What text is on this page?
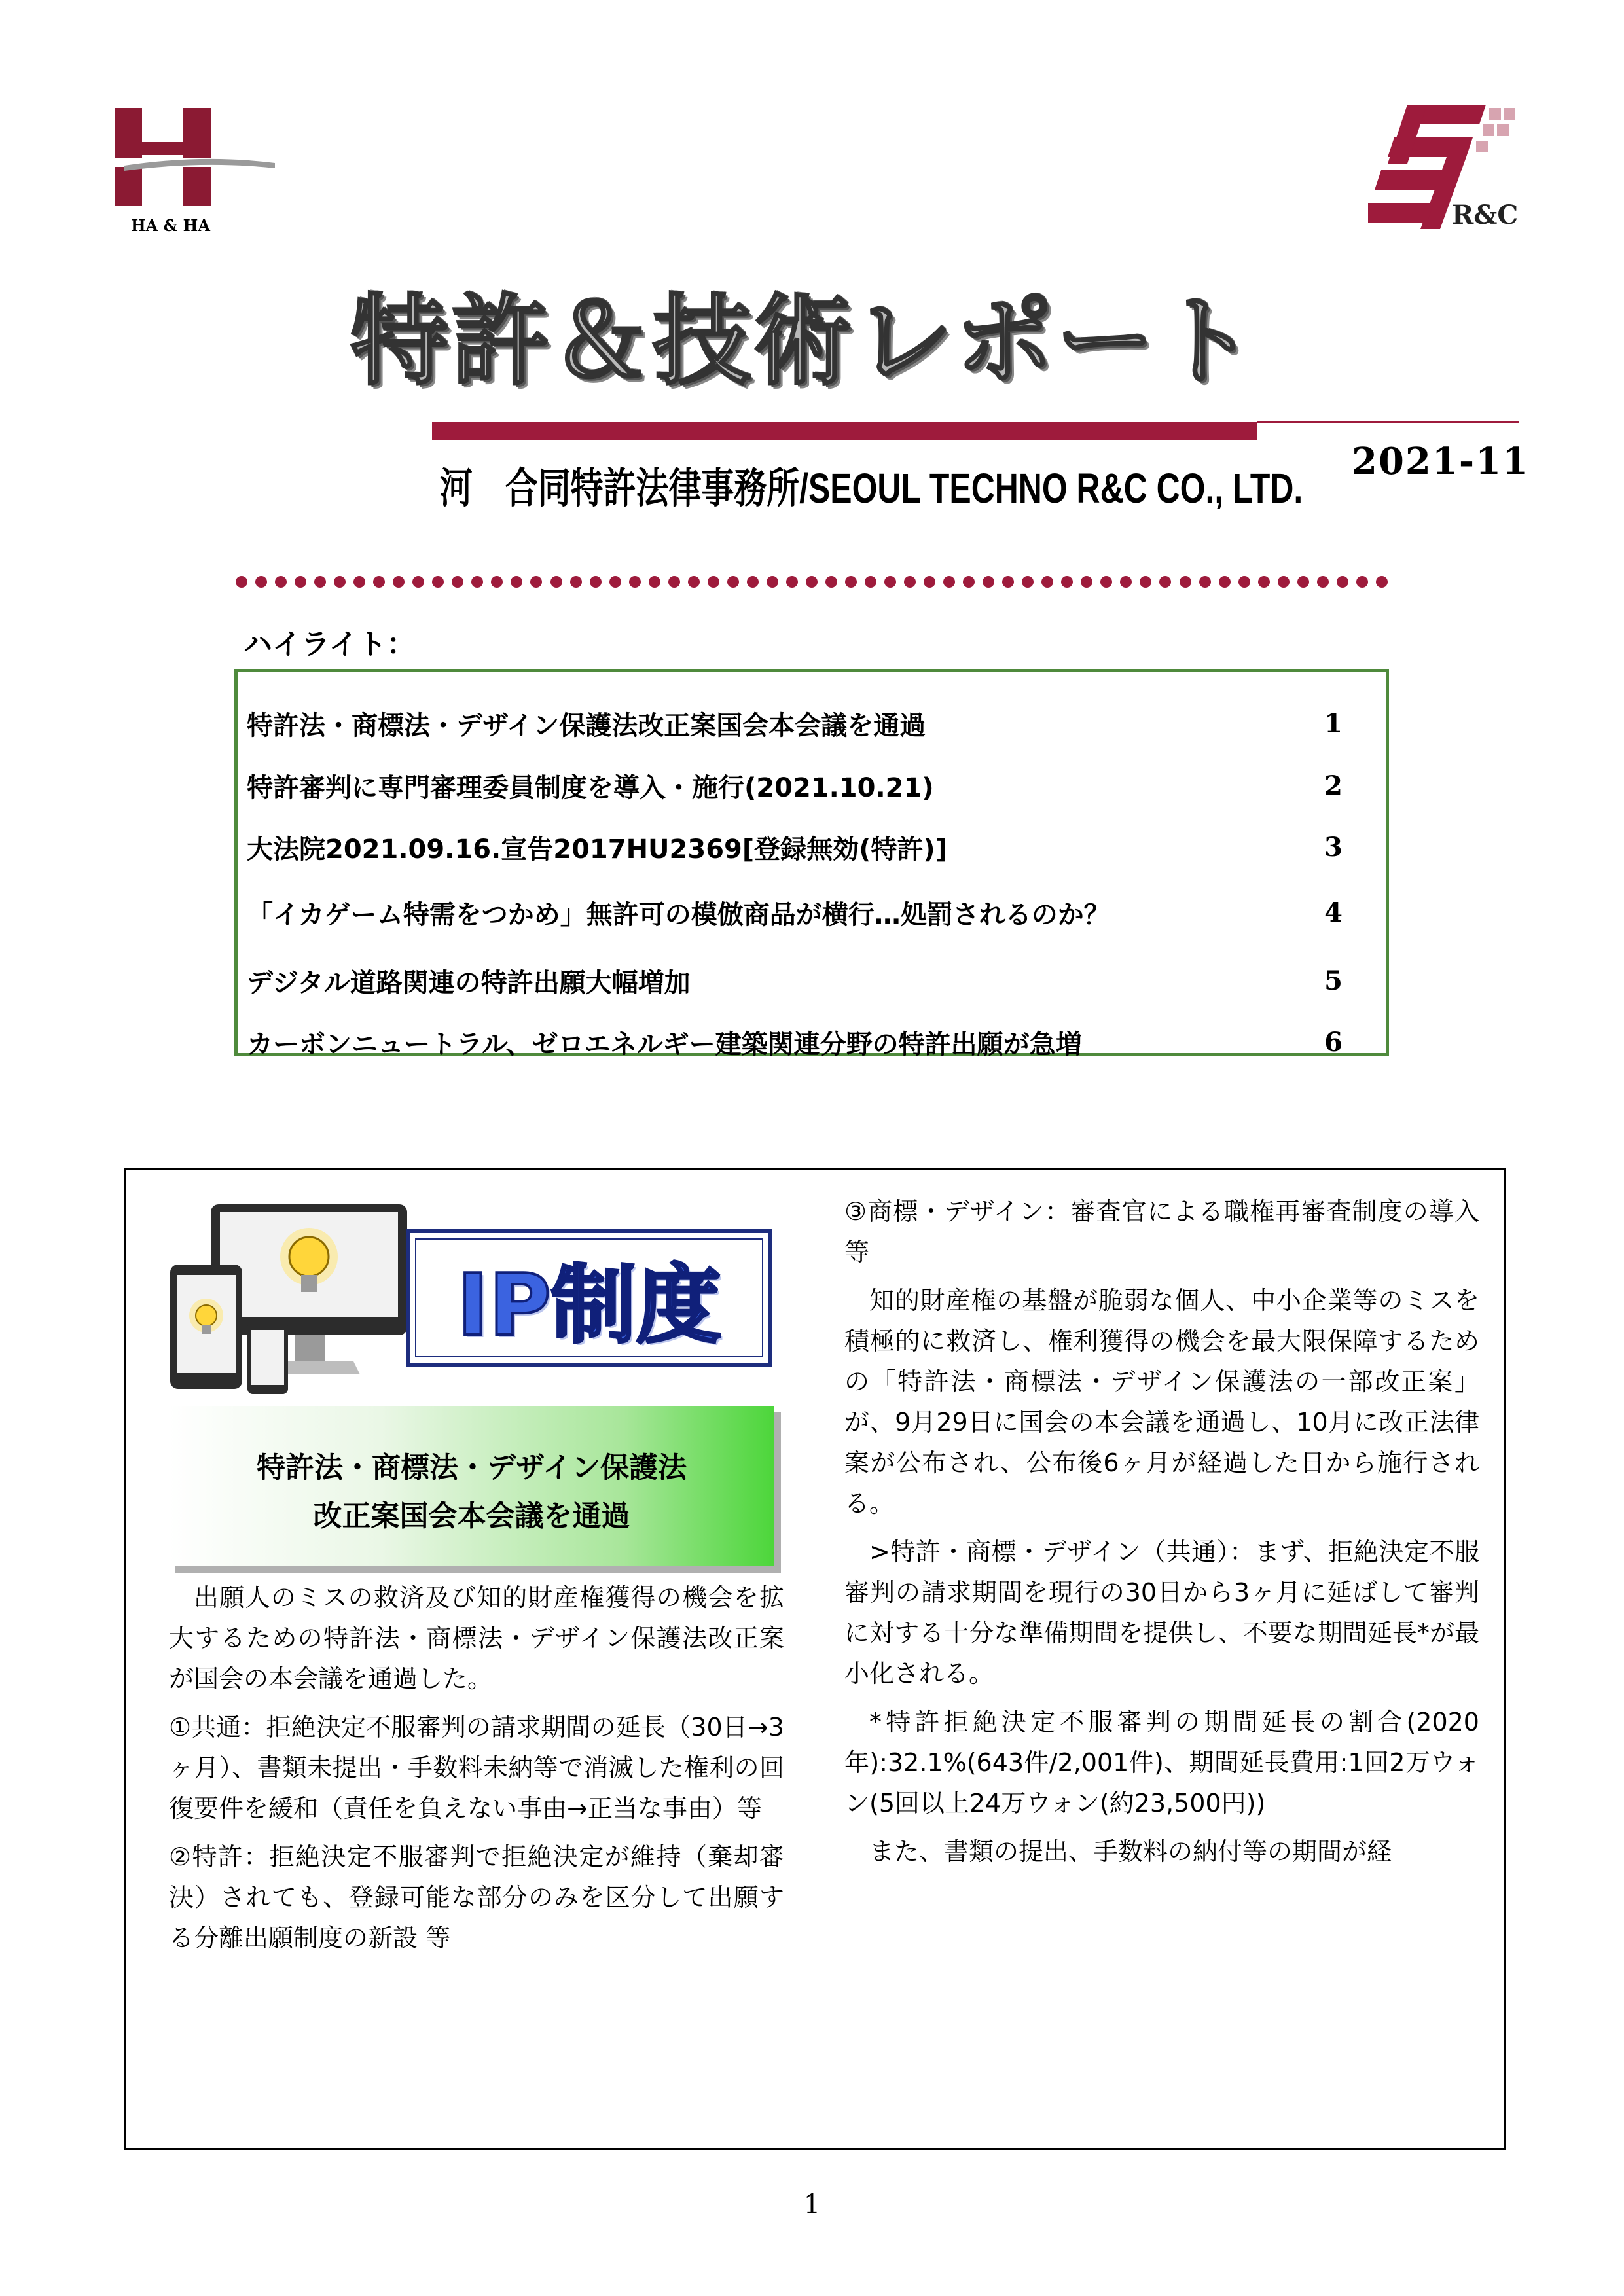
HA & HA	R&C
特許＆技術レポート
河　合同特許法律事務所/SEOUL TECHNO R&C CO., LTD.
2021-11
ハイライト：
特許法・商標法・デザイン保護法改正案国会本会議を通過	1
特許審判に専門審理委員制度を導入・施行(2021.10.21)	2
大法院2021.09.16.宣告2017HU2369[登録無効(特許)]	3
「イカゲーム特需をつかめ」無許可の模倣商品が横行…処罰されるのか？	4
デジタル道路関連の特許出願大幅増加	5
カーボンニュートラル、ゼロエネルギー建築関連分野の特許出願が急増	6
IP制度
特許法・商標法・デザイン保護法
改正案国会本会議を通過

出願人のミスの救済及び知的財産権獲得の機会を拡大するための特許法・商標法・デザイン保護法改正案が国会の本会議を通過した。

①共通：拒絶決定不服審判の請求期間の延長（30日→3ヶ月）、書類未提出・手数料未納等で消滅した権利の回復要件を緩和（責任を負えない事由→正当な事由）等

②特許：拒絶決定不服審判で拒絶決定が維持（棄却審決）されても、登録可能な部分のみを区分して出願する分離出願制度の新設 等

③商標・デザイン：審査官による職権再審査制度の導入 等

知的財産権の基盤が脆弱な個人、中小企業等のミスを積極的に救済し、権利獲得の機会を最大限保障するための「特許法・商標法・デザイン保護法の一部改正案」が、9月29日に国会の本会議を通過し、10月に改正法律案が公布され、公布後6ヶ月が経過した日から施行される。

>特許・商標・デザイン（共通）：まず、拒絶決定不服審判の請求期間を現行の30日から3ヶ月に延ばして審判に対する十分な準備期間を提供し、不要な期間延長*が最小化される。

*特許拒絶決定不服審判の期間延長の割合(2020年):32.1%(643件/2,001件)、期間延長費用:1回2万ウォン(5回以上24万ウォン(約23,500円))

また、書類の提出、手数料の納付等の期間が経

1
